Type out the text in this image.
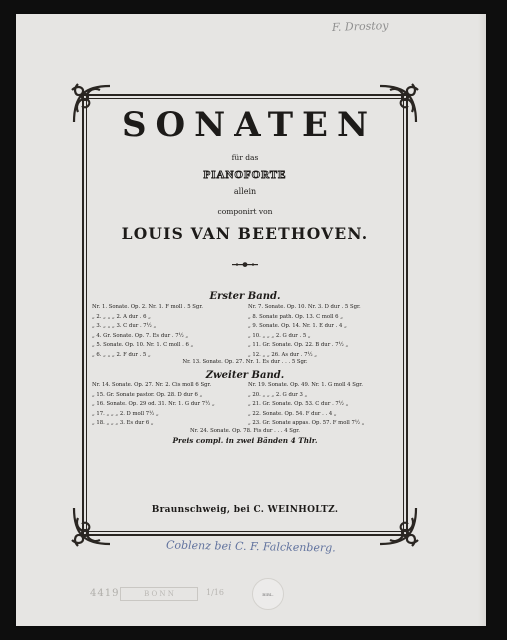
F. Drostoy
SONATEN
für das
PIANOFORTE
allein
componirt von
LOUIS VAN BEETHOVEN.
Erster Band.
Nr. 1. Sonate. Op. 2. Nr. 1. F moll . 5 Sgr.	Nr. 7. Sonate. Op. 10. Nr. 3. D dur . 5 Sgr.
„ 2. „ „ „ 2. A dur . 6 „	„ 8. Sonate path. Op. 13. C moll 6 „
„ 3. „ „ „ 3. C dur . 7½ „	„ 9. Sonate. Op. 14. Nr. 1. E dur . 4 „
„ 4. Gr. Sonate. Op. 7. Es dur . 7½ „	„ 10. „ „ „ 2. G dur . 5 „
„ 5. Sonate. Op. 10. Nr. 1. C moll . 6 „	„ 11. Gr. Sonate. Op. 22. B dur . 7½ „
„ 6. „ „ „ 2. F dur . 5 „	„ 12. „ „ 26. As dur . 7½ „
Nr. 13. Sonate. Op. 27. Nr. 1. Es dur . . . 5 Sgr.
Zweiter Band.
Nr. 14. Sonate. Op. 27. Nr. 2. Cis moll 6 Sgr.	Nr. 19. Sonate. Op. 49. Nr. 1. G moll 4 Sgr.
„ 15. Gr. Sonate pastor. Op. 28. D dur 6 „	„ 20. „ „ „ 2. G dur 3 „
„ 16. Sonate. Op. 29 od. 31. Nr. 1. G dur 7½ „	„ 21. Gr. Sonate. Op. 53. C dur . 7½ „
„ 17. „ „ „ 2. D moll 7½ „	„ 22. Sonate. Op. 54. F dur . . 4 „
„ 18. „ „ „ 3. Es dur 6 „	„ 23. Gr. Sonate appas. Op. 57. F moll 7½ „
Nr. 24. Sonate. Op. 78. Fis dur . . . 4 Sgr.
Preis compl. in zwei Bänden 4 Thlr.
Braunschweig, bei C. WEINHOLTZ.
Coblenz bei C. F. Falckenberg.
4419	B O N N	1/16	BIBL.
